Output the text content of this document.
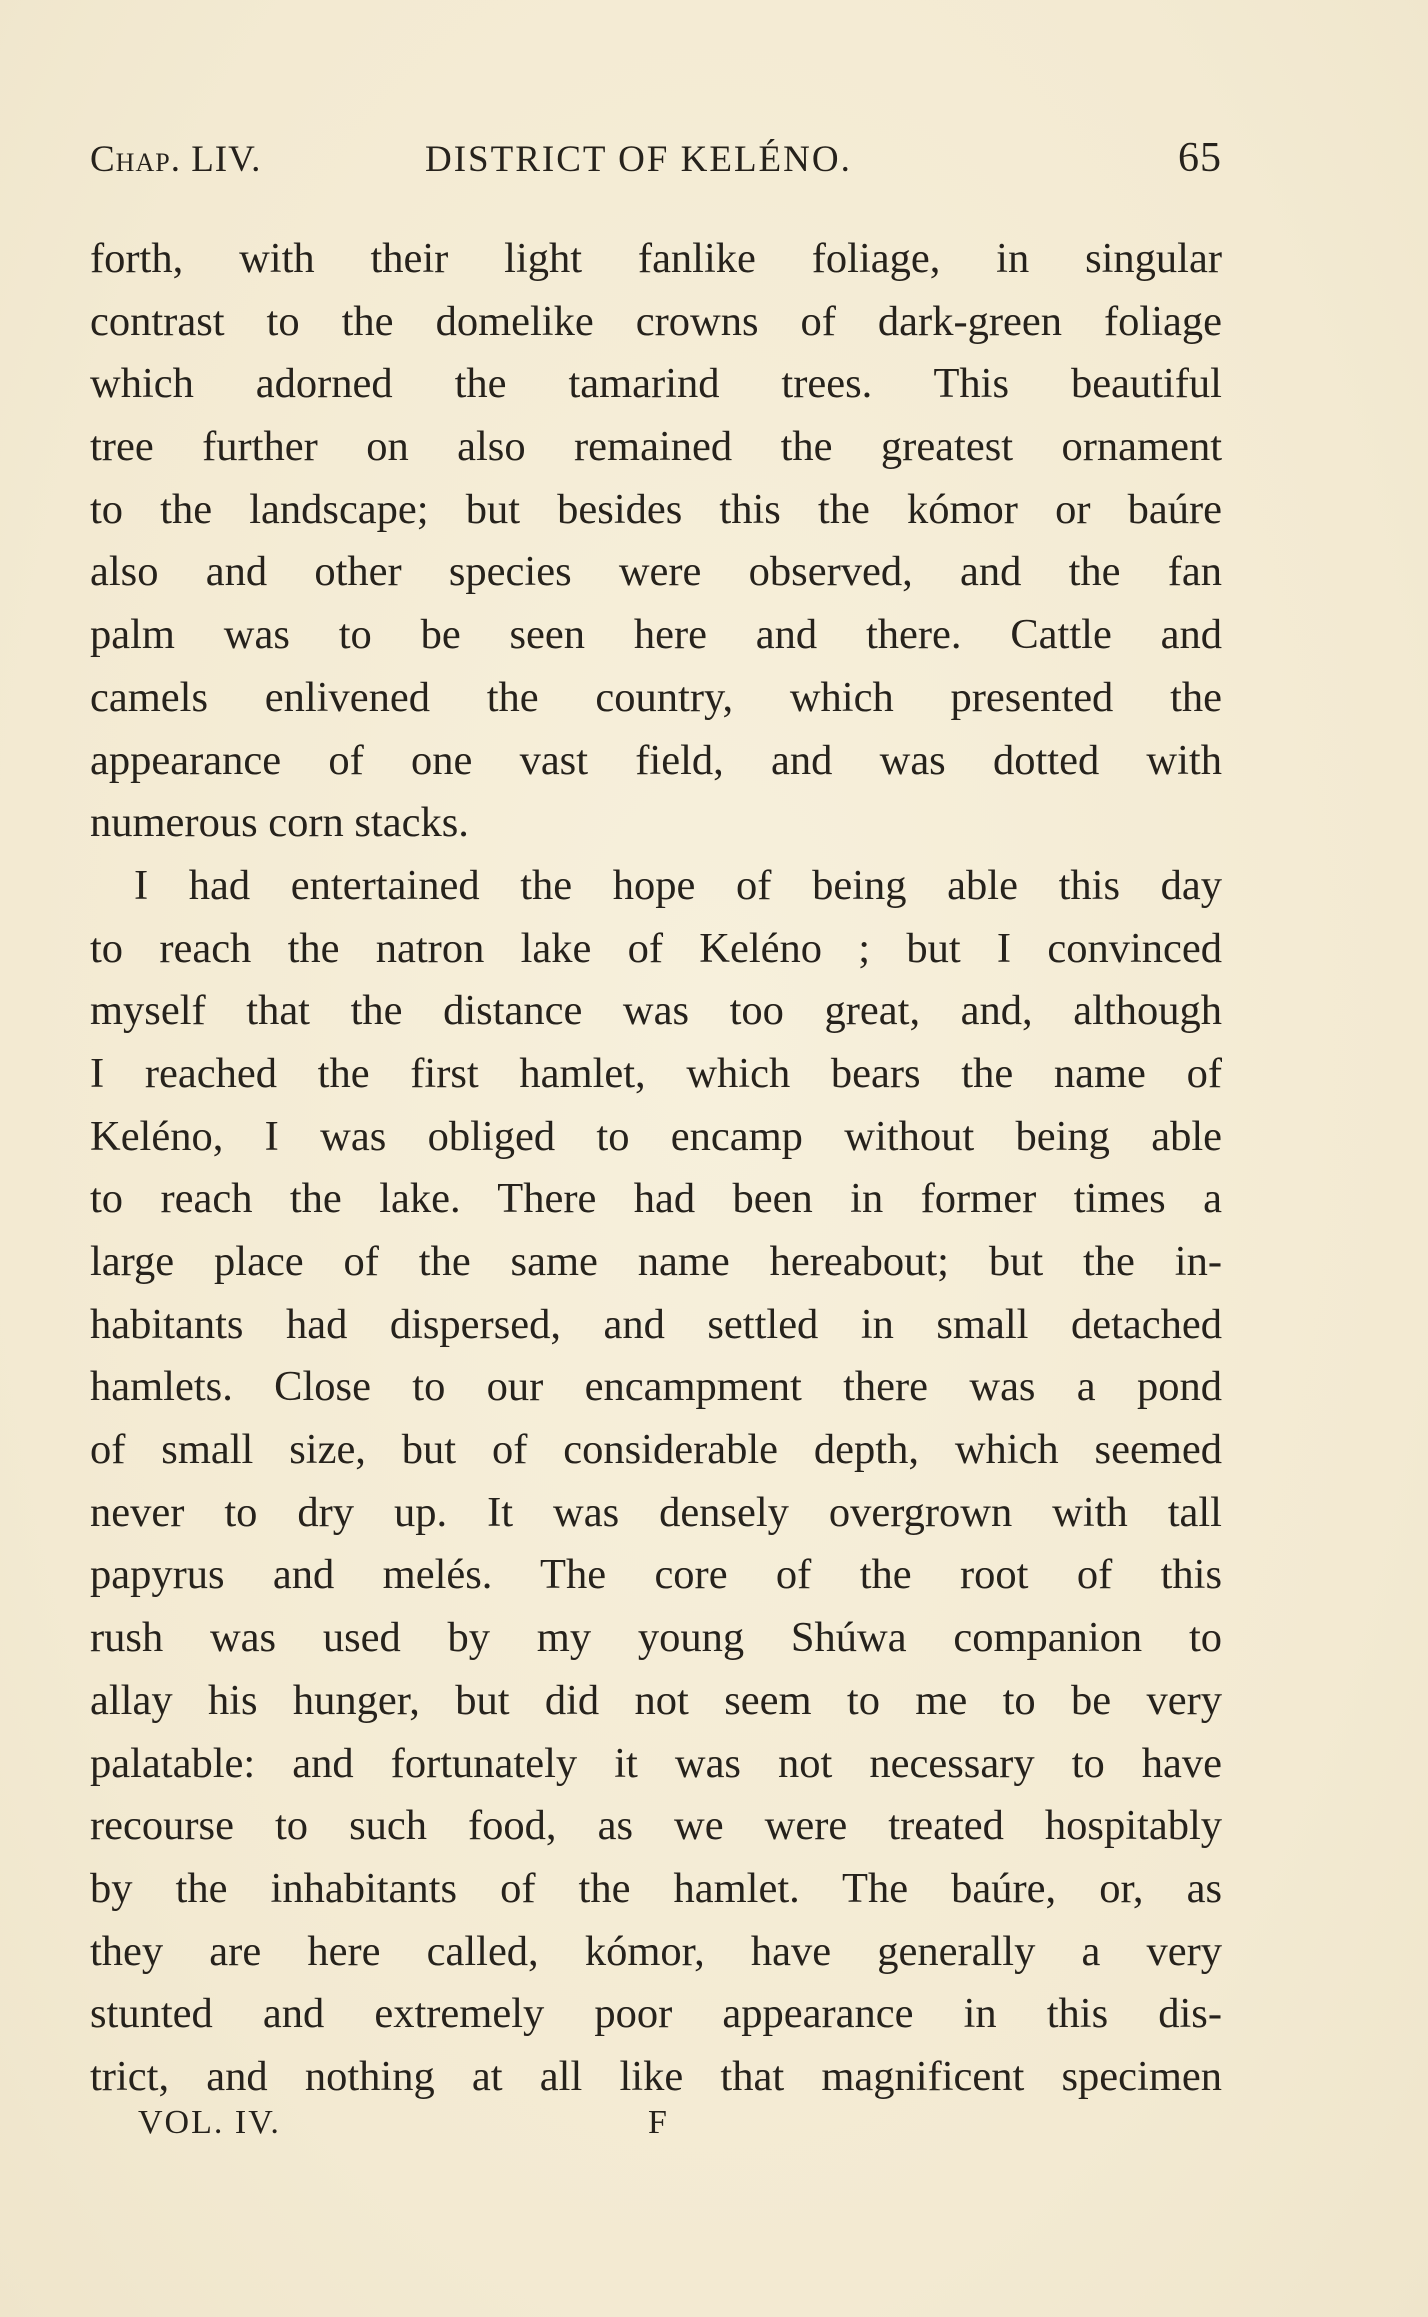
Chap. LIV.	DISTRICT OF KELÉNO.	65
forth, with their light fanlike foliage, in singular
contrast to the domelike crowns of dark-green foliage
which adorned the tamarind trees. This beautiful
tree further on also remained the greatest ornament
to the landscape; but besides this the kómor or baúre
also and other species were observed, and the fan
palm was to be seen here and there. Cattle and
camels enlivened the country, which presented the
appearance of one vast field, and was dotted with
numerous corn stacks.
I had entertained the hope of being able this day
to reach the natron lake of Keléno ; but I convinced
myself that the distance was too great, and, although
I reached the first hamlet, which bears the name of
Keléno, I was obliged to encamp without being able
to reach the lake. There had been in former times a
large place of the same name hereabout; but the in-
habitants had dispersed, and settled in small detached
hamlets. Close to our encampment there was a pond
of small size, but of considerable depth, which seemed
never to dry up. It was densely overgrown with tall
papyrus and melés. The core of the root of this
rush was used by my young Shúwa companion to
allay his hunger, but did not seem to me to be very
palatable: and fortunately it was not necessary to have
recourse to such food, as we were treated hospitably
by the inhabitants of the hamlet. The baúre, or, as
they are here called, kómor, have generally a very
stunted and extremely poor appearance in this dis-
trict, and nothing at all like that magnificent specimen
VOL. IV.	F
